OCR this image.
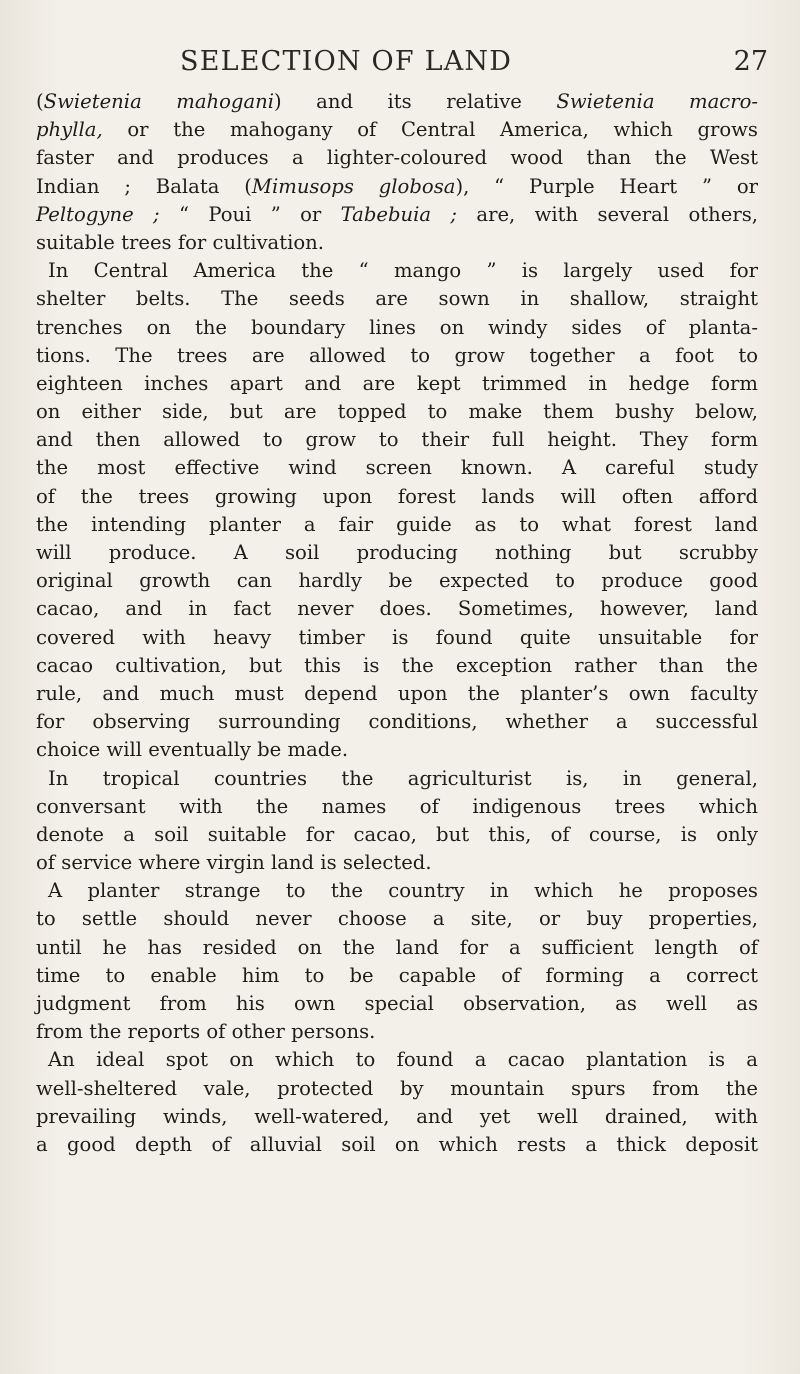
SELECTION OF LAND	27
(Swietenia mahogani) and its relative Swietenia macro-
phylla, or the mahogany of Central America, which grows
faster and produces a lighter-coloured wood than the West
Indian ; Balata (Mimusops globosa), “ Purple Heart ” or
Peltogyne ; “ Poui ” or Tabebuia ; are, with several others,
suitable trees for cultivation.
In Central America the “ mango ” is largely used for
shelter belts. The seeds are sown in shallow, straight
trenches on the boundary lines on windy sides of planta-
tions. The trees are allowed to grow together a foot to
eighteen inches apart and are kept trimmed in hedge form
on either side, but are topped to make them bushy below,
and then allowed to grow to their full height. They form
the most effective wind screen known. A careful study
of the trees growing upon forest lands will often afford
the intending planter a fair guide as to what forest land
will produce. A soil producing nothing but scrubby
original growth can hardly be expected to produce good
cacao, and in fact never does. Sometimes, however, land
covered with heavy timber is found quite unsuitable for
cacao cultivation, but this is the exception rather than the
rule, and much must depend upon the planter’s own faculty
for observing surrounding conditions, whether a successful
choice will eventually be made.
In tropical countries the agriculturist is, in general,
conversant with the names of indigenous trees which
denote a soil suitable for cacao, but this, of course, is only
of service where virgin land is selected.
A planter strange to the country in which he proposes
to settle should never choose a site, or buy properties,
until he has resided on the land for a sufficient length of
time to enable him to be capable of forming a correct
judgment from his own special observation, as well as
from the reports of other persons.
An ideal spot on which to found a cacao plantation is a
well-sheltered vale, protected by mountain spurs from the
prevailing winds, well-watered, and yet well drained, with
a good depth of alluvial soil on which rests a thick deposit
